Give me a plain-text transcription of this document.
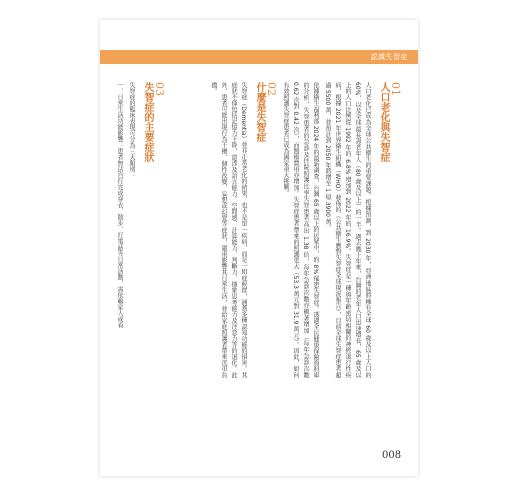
認識失智症
01
人口老化與失智症
人口老化已成為全球公共衛生的重要課題。根據預測，到 2030 年，亞洲地區將擁有全球 60 歲及以上人口的 60%，以及全球最長壽老年人（80 歲及以上）的一半。過去幾十年來，台灣的老年人口迅速增長，65 歲及以上的人口比例從 1992 年的 6.8% 增加到 2022 年的 16.9%。失智症是一種與年齡密切相關的神經退行性疾病，根據 2021 年世界衛生組織（WHO）發佈的《公共衛生應對失智症全球現況報告》，目前全球失智症患者超過 5500 萬，並預計到 2050 年將增至 1 億 3900 萬。
依據衛生福利部 2024 年的最新調查，台灣 65 歲以上的民眾中，約 8% 罹患失智症。透過全民健康保險資料庫的分析，失智患者的急診及住院照護比率失智患者高出 1.38 倍，每年急診次數亦顯著增加（每年急診次數 0.62 次對 0.42 次），而醫療費用亦增加。失智症患者帶來的照護更大（53.3 萬元對 31.9 萬元）。因此，如何有效照護失智症患者已成為國家重大挑戰。
02
什麼是失智症
失智症（Dementia）並非正常老化的結果，也不是單一疾病，而是一組症候群，涵蓋多種認知功能的損害。其症狀不僅包括記憶力下降，還涉及語言能力、空間感、計算能力、判斷力、抽象思考能力及注意力等的退化。此外，患者可能出現行為干擾、個性改變、妄想或幻覺等症狀，嚴重影響其日常生活，並給家庭照護者帶來沉重負擔。
03
失智症的主要症狀
失智症的臨床表現可分為三大類別：
一、日常生活功能影響：患者無法自行完成穿衣、散步、打電話等日常活動，需依賴家人或看
008
